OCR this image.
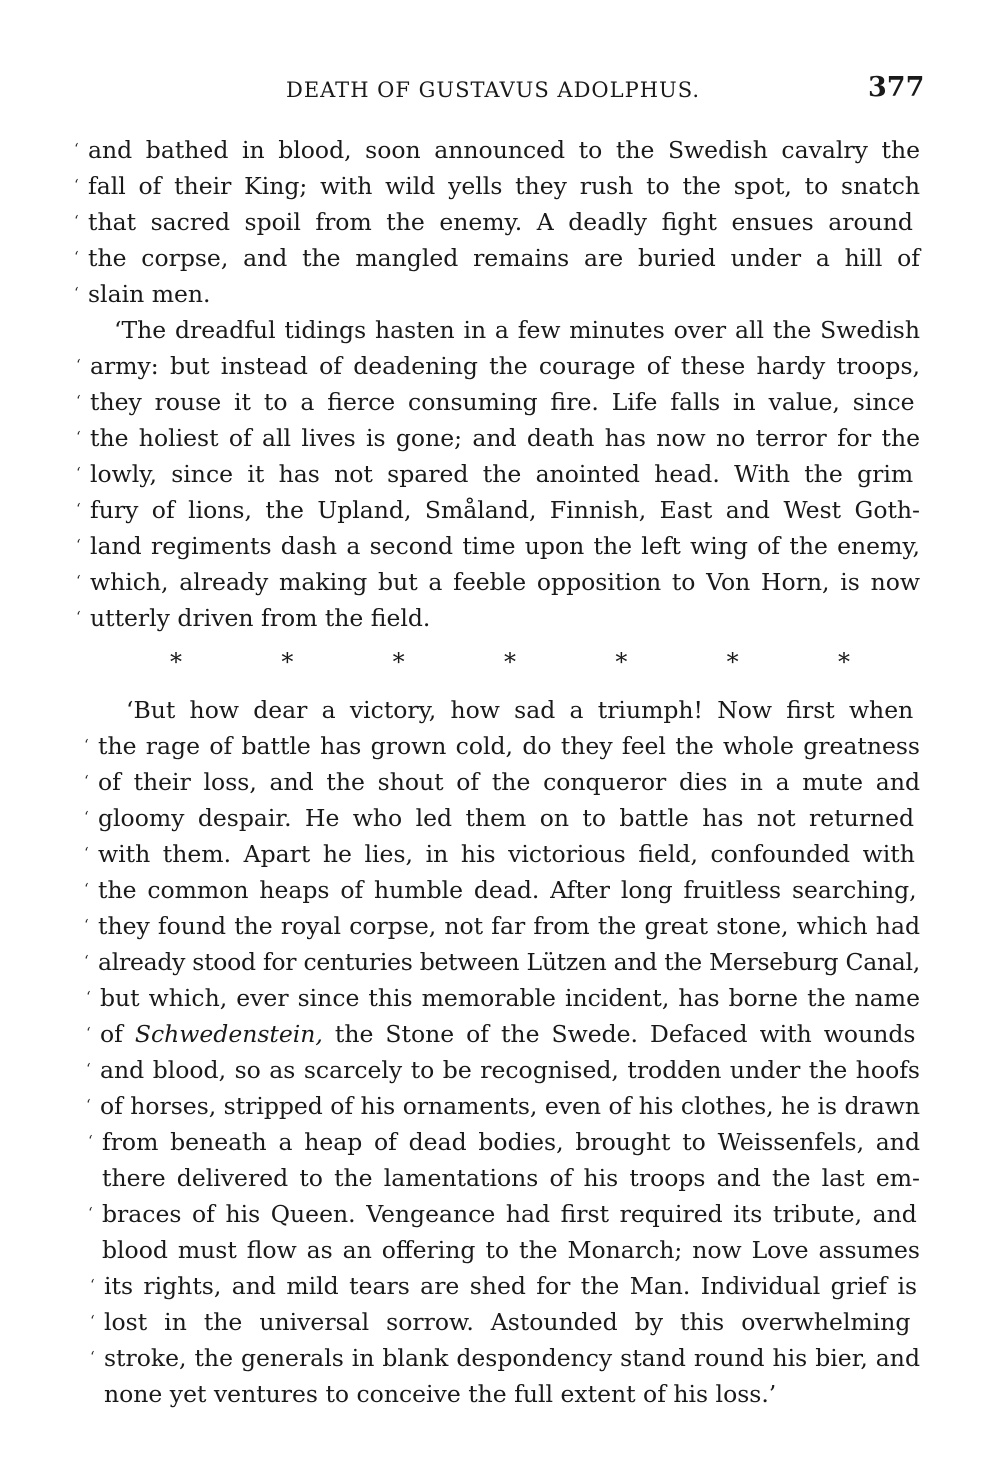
DEATH OF GUSTAVUS ADOLPHUS.	377
‘ and bathed in blood, soon announced to the Swedish cavalry the
‘ fall of their King; with wild yells they rush to the spot, to snatch
‘ that sacred spoil from the enemy. A deadly fight ensues around
‘ the corpse, and the mangled remains are buried under a hill of
‘ slain men.
‘The dreadful tidings hasten in a few minutes over all the Swedish
‘ army: but instead of deadening the courage of these hardy troops,
‘ they rouse it to a fierce consuming fire. Life falls in value, since
‘ the holiest of all lives is gone; and death has now no terror for the
‘ lowly, since it has not spared the anointed head. With the grim
‘ fury of lions, the Upland, Småland, Finnish, East and West Goth-
‘ land regiments dash a second time upon the left wing of the enemy,
‘ which, already making but a feeble opposition to Von Horn, is now
‘ utterly driven from the field.
*	*	*	*	*	*	*
‘But how dear a victory, how sad a triumph! Now first when
‘ the rage of battle has grown cold, do they feel the whole greatness
‘ of their loss, and the shout of the conqueror dies in a mute and
‘ gloomy despair. He who led them on to battle has not returned
‘ with them. Apart he lies, in his victorious field, confounded with
‘ the common heaps of humble dead. After long fruitless searching,
‘ they found the royal corpse, not far from the great stone, which had
‘ already stood for centuries between Lützen and the Merseburg Canal,
‘ but which, ever since this memorable incident, has borne the name
‘ of Schwedenstein, the Stone of the Swede. Defaced with wounds
‘ and blood, so as scarcely to be recognised, trodden under the hoofs
‘ of horses, stripped of his ornaments, even of his clothes, he is drawn
‘ from beneath a heap of dead bodies, brought to Weissenfels, and
there delivered to the lamentations of his troops and the last em-
‘ braces of his Queen. Vengeance had first required its tribute, and
blood must flow as an offering to the Monarch; now Love assumes
‘ its rights, and mild tears are shed for the Man. Individual grief is
‘ lost in the universal sorrow. Astounded by this overwhelming
‘ stroke, the generals in blank despondency stand round his bier, and
none yet ventures to conceive the full extent of his loss.’
